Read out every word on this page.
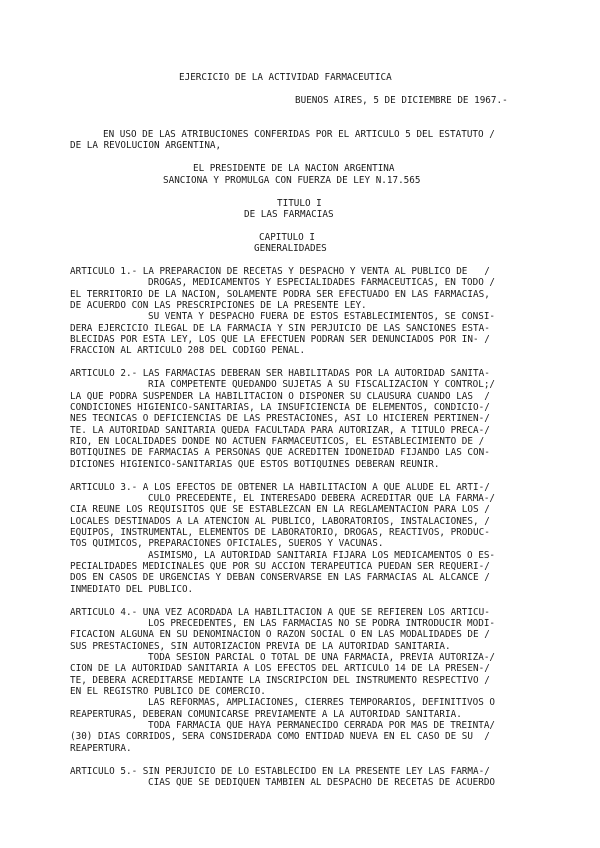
EJERCICIO DE LA ACTIVIDAD FARMACEUTICA
BUENOS AIRES, 5 DE DICIEMBRE DE 1967.-
EN USO DE LAS ATRIBUCIONES CONFERIDAS POR EL ARTICULO 5 DEL ESTATUTO /
DE LA REVOLUCION ARGENTINA,
EL PRESIDENTE DE LA NACION ARGENTINA
SANCIONA Y PROMULGA CON FUERZA DE LEY N.17.565
TITULO I
DE LAS FARMACIAS
CAPITULO I
GENERALIDADES
ARTICULO 1.- LA PREPARACION DE RECETAS Y DESPACHO Y VENTA AL PUBLICO DE   /
DROGAS, MEDICAMENTOS Y ESPECIALIDADES FARMACEUTICAS, EN TODO /
EL TERRITORIO DE LA NACION, SOLAMENTE PODRA SER EFECTUADO EN LAS FARMACIAS,
DE ACUERDO CON LAS PRESCRIPCIONES DE LA PRESENTE LEY.
SU VENTA Y DESPACHO FUERA DE ESTOS ESTABLECIMIENTOS, SE CONSI-
DERA EJERCICIO ILEGAL DE LA FARMACIA Y SIN PERJUICIO DE LAS SANCIONES ESTA-
BLECIDAS POR ESTA LEY, LOS QUE LA EFECTUEN PODRAN SER DENUNCIADOS POR IN- /
FRACCION AL ARTICULO 208 DEL CODIGO PENAL.
ARTICULO 2.- LAS FARMACIAS DEBERAN SER HABILITADAS POR LA AUTORIDAD SANITA-
RIA COMPETENTE QUEDANDO SUJETAS A SU FISCALIZACION Y CONTROL;/
LA QUE PODRA SUSPENDER LA HABILITACION O DISPONER SU CLAUSURA CUANDO LAS  /
CONDICIONES HIGIENICO-SANITARIAS, LA INSUFICIENCIA DE ELEMENTOS, CONDICIO-/
NES TECNICAS O DEFICIENCIAS DE LAS PRESTACIONES, ASI LO HICIEREN PERTINEN-/
TE. LA AUTORIDAD SANITARIA QUEDA FACULTADA PARA AUTORIZAR, A TITULO PRECA-/
RIO, EN LOCALIDADES DONDE NO ACTUEN FARMACEUTICOS, EL ESTABLECIMIENTO DE /
BOTIQUINES DE FARMACIAS A PERSONAS QUE ACREDITEN IDONEIDAD FIJANDO LAS CON-
DICIONES HIGIENICO-SANITARIAS QUE ESTOS BOTIQUINES DEBERAN REUNIR.
ARTICULO 3.- A LOS EFECTOS DE OBTENER LA HABILITACION A QUE ALUDE EL ARTI-/
CULO PRECEDENTE, EL INTERESADO DEBERA ACREDITAR QUE LA FARMA-/
CIA REUNE LOS REQUISITOS QUE SE ESTABLEZCAN EN LA REGLAMENTACION PARA LOS /
LOCALES DESTINADOS A LA ATENCION AL PUBLICO, LABORATORIOS, INSTALACIONES, /
EQUIPOS, INSTRUMENTAL, ELEMENTOS DE LABORATORIO, DROGAS, REACTIVOS, PRODUC-
TOS QUIMICOS, PREPARACIONES OFICIALES, SUEROS Y VACUNAS.
ASIMISMO, LA AUTORIDAD SANITARIA FIJARA LOS MEDICAMENTOS O ES-
PECIALIDADES MEDICINALES QUE POR SU ACCION TERAPEUTICA PUEDAN SER REQUERI-/
DOS EN CASOS DE URGENCIAS Y DEBAN CONSERVARSE EN LAS FARMACIAS AL ALCANCE /
INMEDIATO DEL PUBLICO.
ARTICULO 4.- UNA VEZ ACORDADA LA HABILITACION A QUE SE REFIEREN LOS ARTICU-
LOS PRECEDENTES, EN LAS FARMACIAS NO SE PODRA INTRODUCIR MODI-
FICACION ALGUNA EN SU DENOMINACION O RAZON SOCIAL O EN LAS MODALIDADES DE /
SUS PRESTACIONES, SIN AUTORIZACION PREVIA DE LA AUTORIDAD SANITARIA.
TODA SESION PARCIAL O TOTAL DE UNA FARMACIA, PREVIA AUTORIZA-/
CION DE LA AUTORIDAD SANITARIA A LOS EFECTOS DEL ARTICULO 14 DE LA PRESEN-/
TE, DEBERA ACREDITARSE MEDIANTE LA INSCRIPCION DEL INSTRUMENTO RESPECTIVO /
EN EL REGISTRO PUBLICO DE COMERCIO.
LAS REFORMAS, AMPLIACIONES, CIERRES TEMPORARIOS, DEFINITIVOS O
REAPERTURAS, DEBERAN COMUNICARSE PREVIAMENTE A LA AUTORIDAD SANITARIA.
TODA FARMACIA QUE HAYA PERMANECIDO CERRADA POR MAS DE TREINTA/
(30) DIAS CORRIDOS, SERA CONSIDERADA COMO ENTIDAD NUEVA EN EL CASO DE SU  /
REAPERTURA.
ARTICULO 5.- SIN PERJUICIO DE LO ESTABLECIDO EN LA PRESENTE LEY LAS FARMA-/
CIAS QUE SE DEDIQUEN TAMBIEN AL DESPACHO DE RECETAS DE ACUERDO
